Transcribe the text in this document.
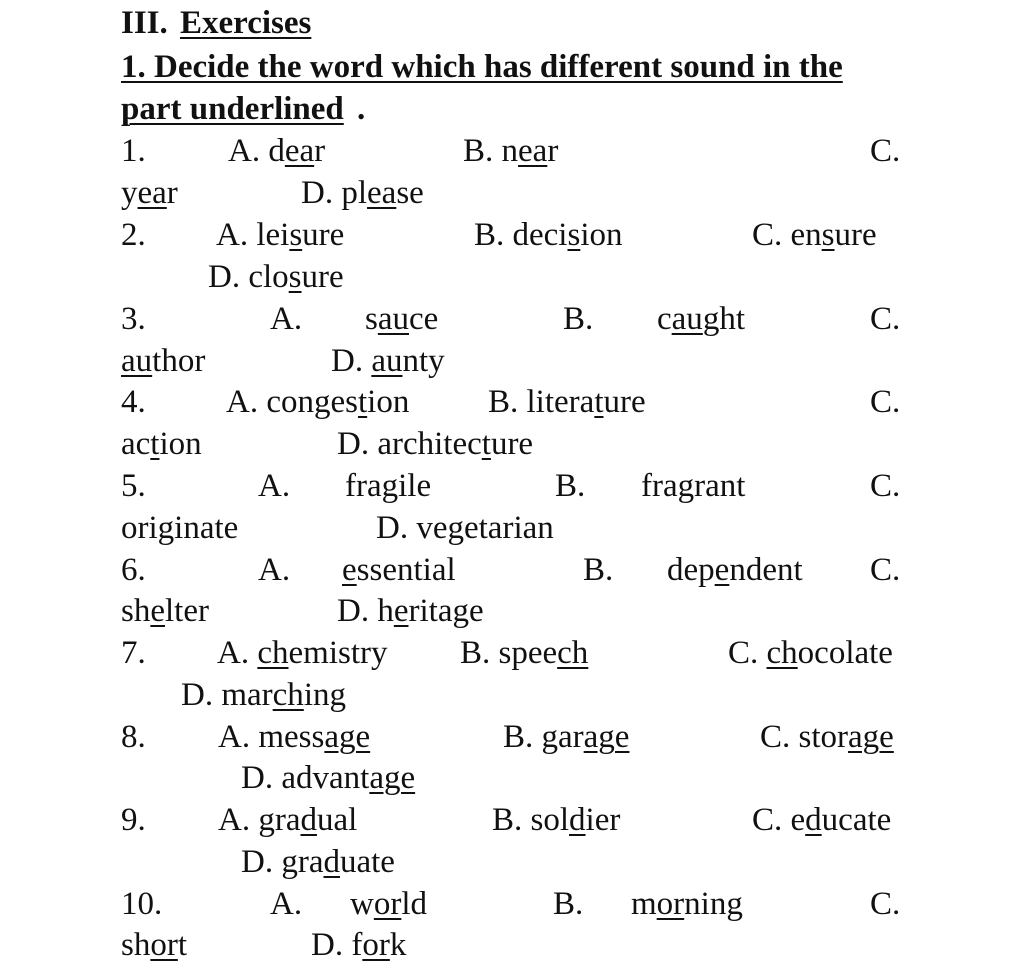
III. Exercises
1. Decide the word which has different sound in the
part underlined .
1. A. dear	B. near	C.
year	D. please
2. A. leisure	B. decision	C. ensure
D. closure
3.	A. sauce	B. caught	C.
author	D. aunty
4. A. congestion B. literature	C.
action	D. architecture
5.	A. fragile	B. fragrant	C.
originate	D. vegetarian
6.	A. essential	B. dependent C.
shelter	D. heritage
7. A. chemistry B. speech	C. chocolate
D. marching
8. A. message	B. garage	C. storage
D. advantage
9. A. gradual	B. soldier	C. educate
D. graduate
10.	A. world	B. morning	C.
short	D. fork
